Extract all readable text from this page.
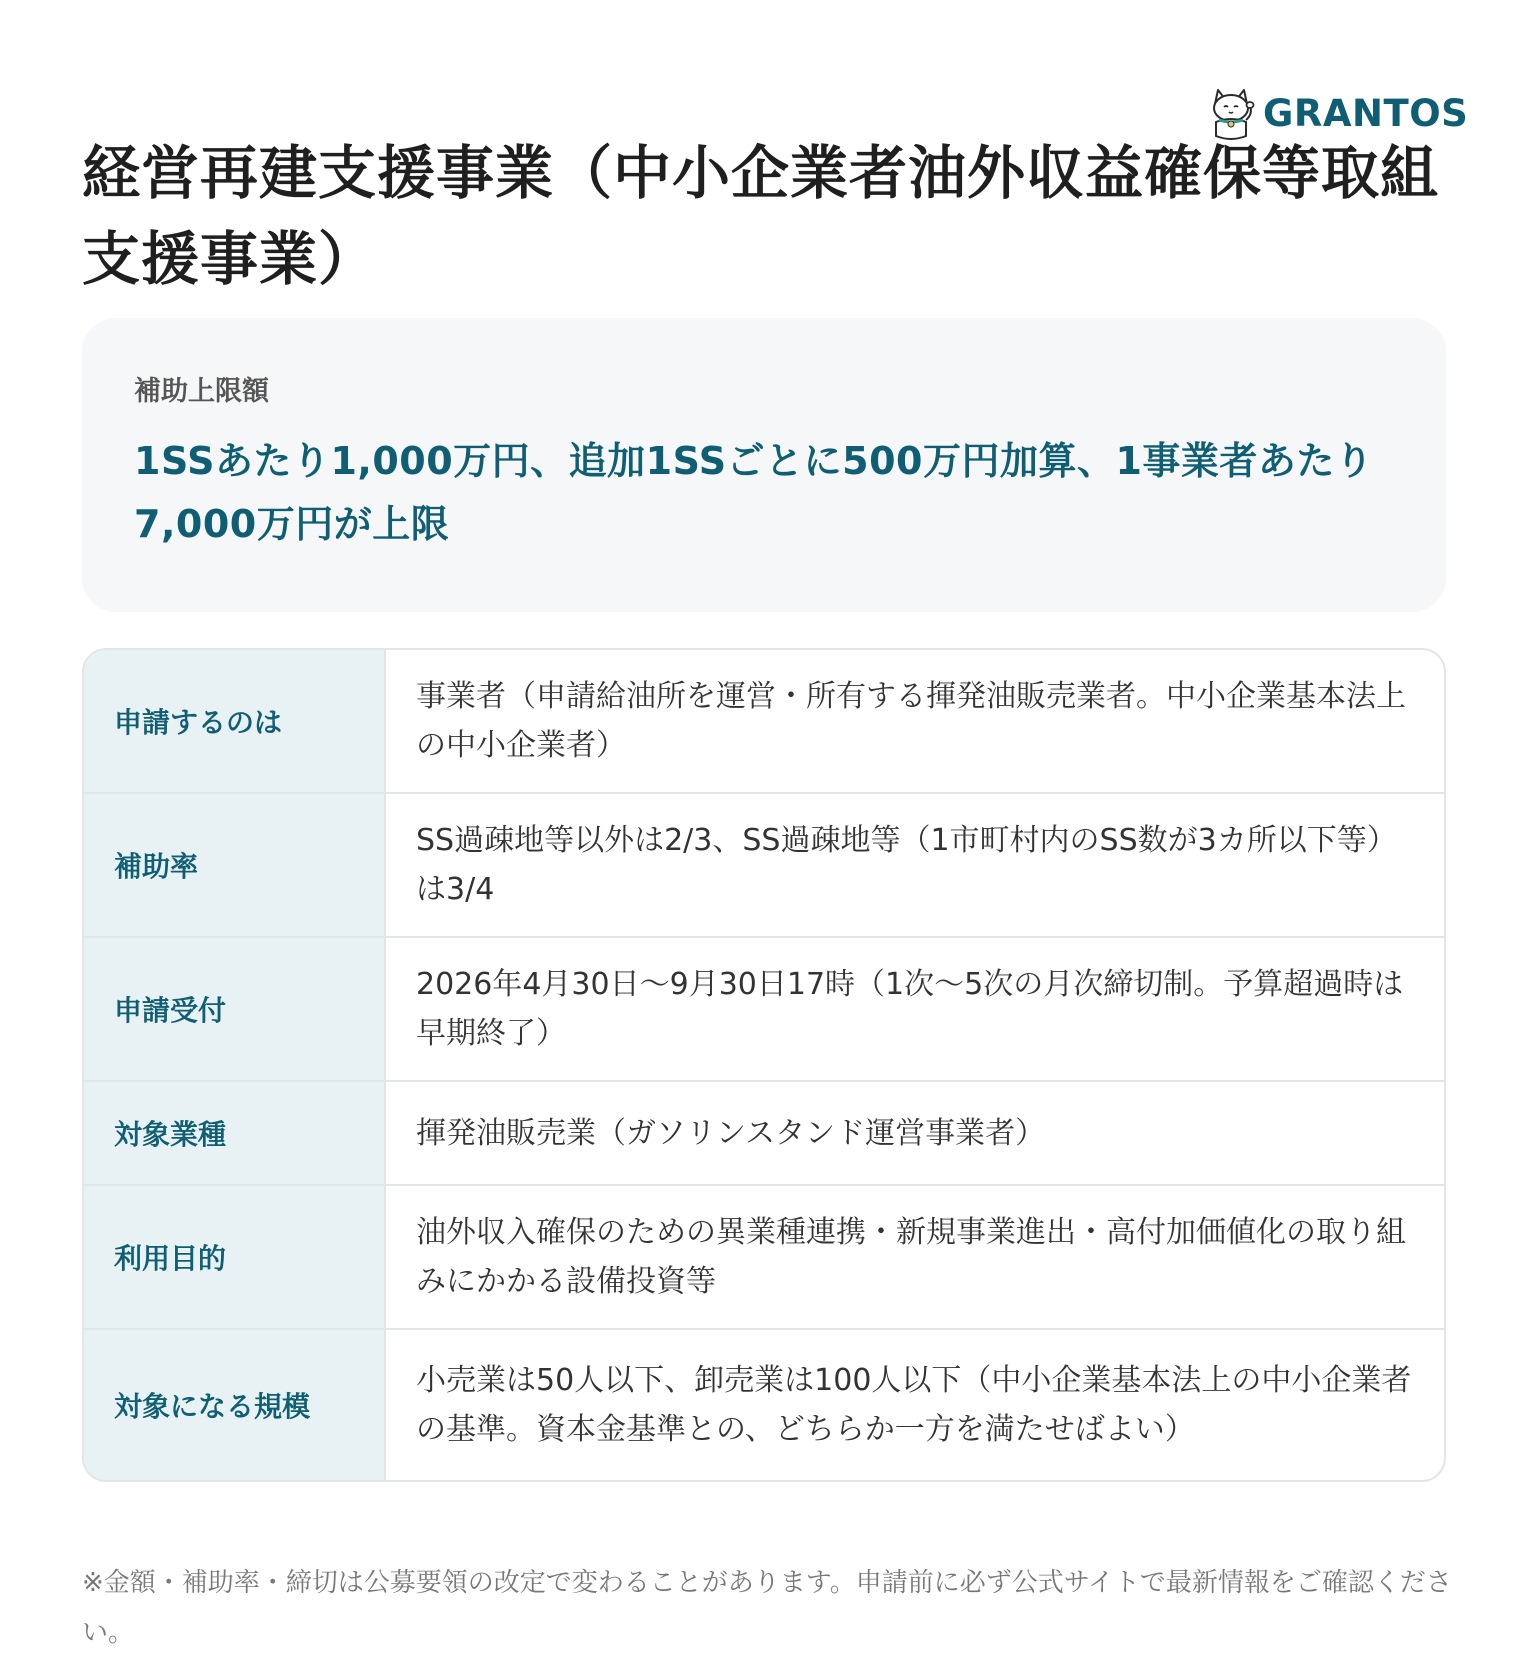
GRANTOS
経営再建支援事業（中小企業者油外収益確保等取組支援事業）
補助上限額
1SSあたり1,000万円、追加1SSごとに500万円加算、1事業者あたり7,000万円が上限
申請するのは
事業者（申請給油所を運営・所有する揮発油販売業者。中小企業基本法上の中小企業者）
補助率
SS過疎地等以外は2/3、SS過疎地等（1市町村内のSS数が3カ所以下等）は3/4
申請受付
2026年4月30日〜9月30日17時（1次〜5次の月次締切制。予算超過時は早期終了）
対象業種	揮発油販売業（ガソリンスタンド運営事業者）
利用目的
油外収入確保のための異業種連携・新規事業進出・高付加価値化の取り組みにかかる設備投資等
対象になる規模
小売業は50人以下、卸売業は100人以下（中小企業基本法上の中小企業者の基準。資本金基準との、どちらか一方を満たせばよい）

※金額・補助率・締切は公募要領の改定で変わることがあります。申請前に必ず公式サイトで最新情報をご確認ください。
